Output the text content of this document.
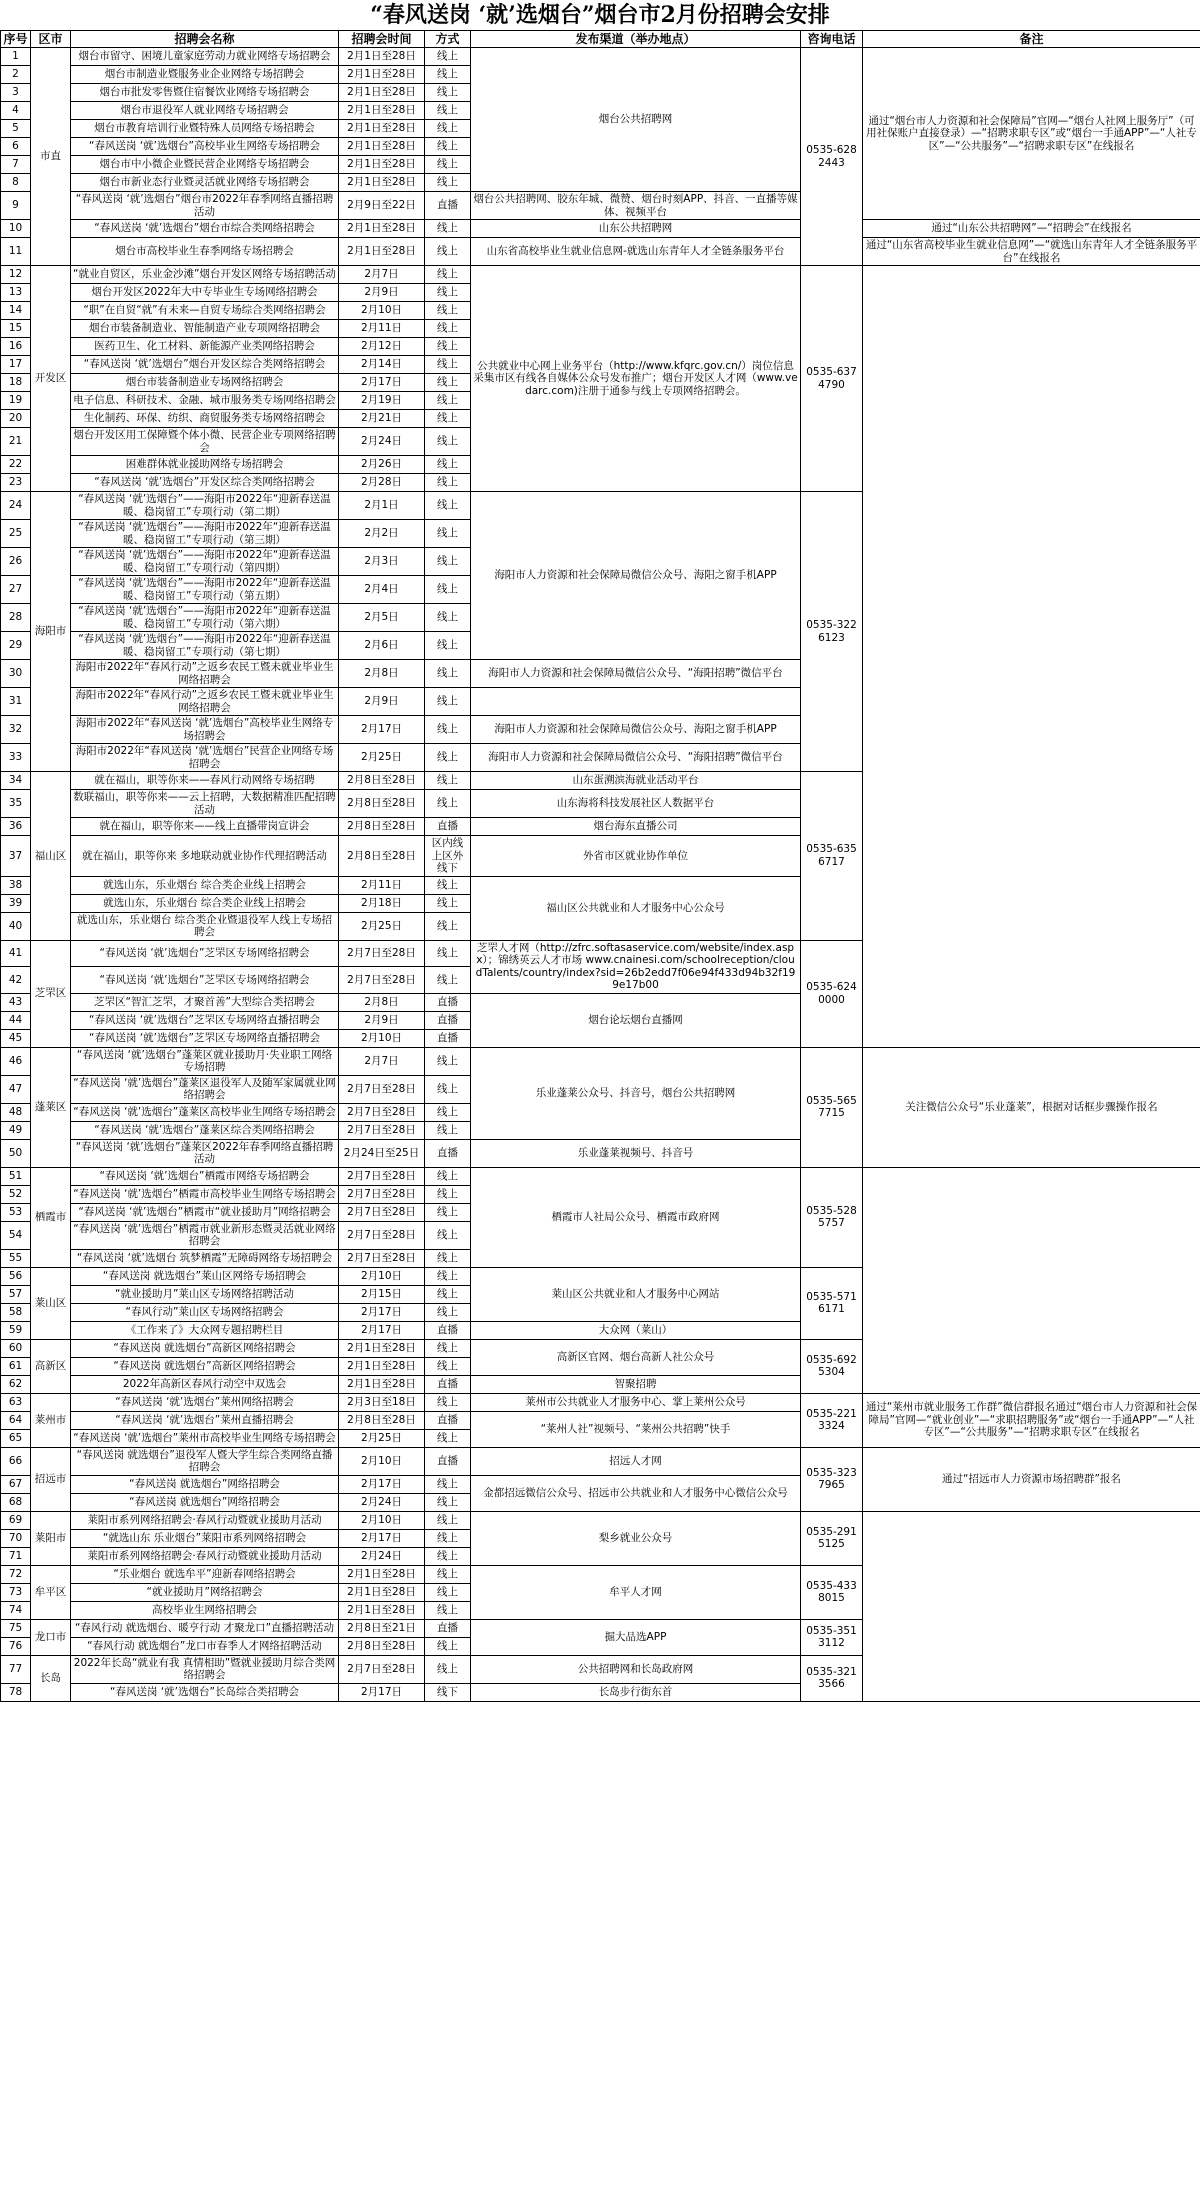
“春风送岗 ‘就’选烟台”烟台市2月份招聘会安排
序号	区市	招聘会名称	招聘会时间	方式	发布渠道（举办地点）	咨询电话	备注
1	市直	烟台市留守、困境儿童家庭劳动力就业网络专场招聘会	2月1日至28日	线上	烟台公共招聘网	0535-6282443	通过“烟台市人力资源和社会保障局”官网—“烟台人社网上服务厅”（可用社保账户直接登录）—“招聘求职专区”或“烟台一手通APP”—“人社专区”—“公共服务”—“招聘求职专区”在线报名
2		烟台市制造业暨服务业企业网络专场招聘会	2月1日至28日	线上			
3		烟台市批发零售暨住宿餐饮业网络专场招聘会	2月1日至28日	线上			
4		烟台市退役军人就业网络专场招聘会	2月1日至28日	线上			
5		烟台市教育培训行业暨特殊人员网络专场招聘会	2月1日至28日	线上			
6		“春风送岗 ‘就’选烟台”高校毕业生网络专场招聘会	2月1日至28日	线上			
7		烟台市中小微企业暨民营企业网络专场招聘会	2月1日至28日	线上			
8		烟台市新业态行业暨灵活就业网络专场招聘会	2月1日至28日	线上			
9		“春风送岗 ‘就’选烟台”烟台市2022年春季网络直播招聘活动	2月9日至22日	直播	烟台公共招聘网、胶东年城、微赞、烟台时刻APP、抖音、一直播等媒体、视频平台		
10		“春风送岗 ‘就’选烟台”烟台市综合类网络招聘会	2月1日至28日	线上	山东公共招聘网		通过“山东公共招聘网”—“招聘会”在线报名
11		烟台市高校毕业生春季网络专场招聘会	2月1日至28日	线上	山东省高校毕业生就业信息网-就选山东青年人才全链条服务平台		通过“山东省高校毕业生就业信息网”—“就选山东青年人才全链条服务平台”在线报名
12	开发区	“就业自贸区，乐业金沙滩”烟台开发区网络专场招聘活动	2月7日	线上	公共就业中心网上业务平台（http://www.kfqrc.gov.cn/）岗位信息采集市区有线各自媒体公众号发布推广；烟台开发区人才网（www.vedarc.com)注册于通参与线上专项网络招聘会。	0535-6374790	
13		烟台开发区2022年大中专毕业生专场网络招聘会	2月9日	线上			
14		“职”在自贸“就”有未来—自贸专场综合类网络招聘会	2月10日	线上			
15		烟台市装备制造业、智能制造产业专项网络招聘会	2月11日	线上			
16		医药卫生、化工材料、新能源产业类网络招聘会	2月12日	线上			
17		“春风送岗 ‘就’选烟台”烟台开发区综合类网络招聘会	2月14日	线上			
18		烟台市装备制造业专场网络招聘会	2月17日	线上			
19		电子信息、科研技术、金融、城市服务类专场网络招聘会	2月19日	线上			
20		生化制药、环保、纺织、商贸服务类专场网络招聘会	2月21日	线上			
21		烟台开发区用工保障暨个体小微、民营企业专项网络招聘会	2月24日	线上			
22		困难群体就业援助网络专场招聘会	2月26日	线上			
23		“春风送岗 ‘就’选烟台”开发区综合类网络招聘会	2月28日	线上			
24	海阳市	“春风送岗 ‘就’选烟台”——海阳市2022年“迎新春送温暖、稳岗留工”专项行动（第二期）	2月1日	线上	海阳市人力资源和社会保障局微信公众号、海阳之窗手机APP	0535-3226123	
25		“春风送岗 ‘就’选烟台”——海阳市2022年“迎新春送温暖、稳岗留工”专项行动（第三期）	2月2日	线上			
26		“春风送岗 ‘就’选烟台”——海阳市2022年“迎新春送温暖、稳岗留工”专项行动（第四期）	2月3日	线上			
27		“春风送岗 ‘就’选烟台”——海阳市2022年“迎新春送温暖、稳岗留工”专项行动（第五期）	2月4日	线上			
28		“春风送岗 ‘就’选烟台”——海阳市2022年“迎新春送温暖、稳岗留工”专项行动（第六期）	2月5日	线上			
29		“春风送岗 ‘就’选烟台”——海阳市2022年“迎新春送温暖、稳岗留工”专项行动（第七期）	2月6日	线上			
30		海阳市2022年“春风行动”之返乡农民工暨未就业毕业生网络招聘会	2月8日	线上	海阳市人力资源和社会保障局微信公众号、“海阳招聘”微信平台		
31		海阳市2022年“春风行动”之返乡农民工暨未就业毕业生网络招聘会	2月9日	线上			
32		海阳市2022年“春风送岗 ‘就’选烟台”高校毕业生网络专场招聘会	2月17日	线上	海阳市人力资源和社会保障局微信公众号、海阳之窗手机APP		
33		海阳市2022年“春风送岗 ‘就’选烟台”民营企业网络专场招聘会	2月25日	线上	海阳市人力资源和社会保障局微信公众号、“海阳招聘”微信平台		
34	福山区	就在福山，职等你来——春风行动网络专场招聘	2月8日至28日	线上	山东蛋溯滨海就业活动平台	0535-6356717	
35		数联福山，职等你来——云上招聘，大数据精准匹配招聘活动	2月8日至28日	线上	山东海将科技发展社区人数据平台		
36		就在福山，职等你来——线上直播带岗宣讲会	2月8日至28日	直播	烟台海东直播公司		
37		就在福山，职等你来 多地联动就业协作代理招聘活动	2月8日至28日	区内线上区外线下	外省市区就业协作单位		
38		就选山东，乐业烟台 综合类企业线上招聘会	2月11日	线上	福山区公共就业和人才服务中心公众号		
39		就选山东，乐业烟台 综合类企业线上招聘会	2月18日	线上			
40		就选山东，乐业烟台 综合类企业暨退役军人线上专场招聘会	2月25日	线上			
41	芝罘区	“春风送岗 ‘就’选烟台”芝罘区专场网络招聘会	2月7日至28日	线上	芝罘人才网（http://zfrc.softasaservice.com/website/index.aspx）；锦绣英云人才市场 www.cnainesi.com/schoolreception/cloudTalents/country/index?sid=26b2edd7f06e94f433d94b32f199e17b00	0535-6240000	
42		“春风送岗 ‘就’选烟台”芝罘区专场网络招聘会	2月7日至28日	线上			
43		芝罘区“智汇芝罘，才聚首善”大型综合类招聘会	2月8日	直播	烟台论坛烟台直播网		
44		“春风送岗 ‘就’选烟台”芝罘区专场网络直播招聘会	2月9日	直播			
45		“春风送岗 ‘就’选烟台”芝罘区专场网络直播招聘会	2月10日	直播			
46	蓬莱区	“春风送岗 ‘就’选烟台”蓬莱区就业援助月·失业职工网络专场招聘	2月7日	线上	乐业蓬莱公众号、抖音号，烟台公共招聘网	0535-5657715	关注微信公众号“乐业蓬莱”，根据对话框步骤操作报名
47		“春风送岗 ‘就’选烟台”蓬莱区退役军人及随军家属就业网络招聘会	2月7日至28日	线上			
48		“春风送岗 ‘就’选烟台”蓬莱区高校毕业生网络专场招聘会	2月7日至28日	线上			
49		“春风送岗 ‘就’选烟台”蓬莱区综合类网络招聘会	2月7日至28日	线上			
50		“春风送岗 ‘就’选烟台”蓬莱区2022年春季网络直播招聘活动	2月24日至25日	直播	乐业蓬莱视频号、抖音号		
51	栖霞市	“春风送岗 ‘就’选烟台”栖霞市网络专场招聘会	2月7日至28日	线上	栖霞市人社局公众号、栖霞市政府网	0535-5285757	
52		“春风送岗 ‘就’选烟台”栖霞市高校毕业生网络专场招聘会	2月7日至28日	线上			
53		“春风送岗 ‘就’选烟台”栖霞市“就业援助月”网络招聘会	2月7日至28日	线上			
54		“春风送岗 ‘就’选烟台”栖霞市就业新形态暨灵活就业网络招聘会	2月7日至28日	线上			
55		“春风送岗 ‘就’选烟台 筑梦栖霞”无障碍网络专场招聘会	2月7日至28日	线上			
56	莱山区	“春风送岗 就选烟台”莱山区网络专场招聘会	2月10日	线上	莱山区公共就业和人才服务中心网站	0535-5716171	
57		“就业援助月”莱山区专场网络招聘活动	2月15日	线上			
58		“春风行动”莱山区专场网络招聘会	2月17日	线上			
59		《工作来了》大众网专题招聘栏目	2月17日	直播	大众网（莱山）		
60	高新区	“春风送岗 就选烟台”高新区网络招聘会	2月1日至28日	线上	高新区官网、烟台高新人社公众号	0535-6925304	
61		“春风送岗 就选烟台”高新区网络招聘会	2月1日至28日	线上			
62		2022年高新区春风行动空中双选会	2月1日至28日	直播	智聚招聘		
63	莱州市	“春风送岗 ‘就’选烟台”莱州网络招聘会	2月3日至18日	线上	莱州市公共就业人才服务中心、掌上莱州公众号	0535-2213324	通过“莱州市就业服务工作群”微信群报名通过“烟台市人力资源和社会保障局”官网—“就业创业”—“求职招聘服务”或“烟台一手通APP”—“人社专区”—“公共服务”—“招聘求职专区”在线报名
64		“春风送岗 ‘就’选烟台”莱州直播招聘会	2月8日至28日	直播	“莱州人社”视频号、“莱州公共招聘”快手		
65		“春风送岗 ‘就’选烟台”莱州市高校毕业生网络专场招聘会	2月25日	线上			
66	招远市	“春风送岗 就选烟台”退役军人暨大学生综合类网络直播招聘会	2月10日	直播	招远人才网	0535-3237965	通过“招远市人力资源市场招聘群”报名
67		“春风送岗 就选烟台”网络招聘会	2月17日	线上	金都招远微信公众号、招远市公共就业和人才服务中心微信公众号		
68		“春风送岗 就选烟台”网络招聘会	2月24日	线上			
69	莱阳市	莱阳市系列网络招聘会·春风行动暨就业援助月活动	2月10日	线上	梨乡就业公众号	0535-2915125	
70		“就选山东 乐业烟台”莱阳市系列网络招聘会	2月17日	线上			
71		莱阳市系列网络招聘会·春风行动暨就业援助月活动	2月24日	线上			
72	牟平区	“乐业烟台 就选牟平”迎新春网络招聘会	2月1日至28日	线上	牟平人才网	0535-4338015	
73		“就业援助月”网络招聘会	2月1日至28日	线上			
74		高校毕业生网络招聘会	2月1日至28日	线上			
75	龙口市	“春风行动 就选烟台、暖亨行动 才聚龙口”直播招聘活动	2月8日至21日	直播	掘大品选APP	0535-3513112	
76		“春风行动 就选烟台”龙口市春季人才网络招聘活动	2月8日至28日	线上			
77	长岛	2022年长岛“就业有我 真情相助”暨就业援助月综合类网络招聘会	2月7日至28日	线上	公共招聘网和长岛政府网	0535-3213566	
78		“春风送岗 ‘就’选烟台”长岛综合类招聘会	2月17日	线下	长岛步行街东首		
